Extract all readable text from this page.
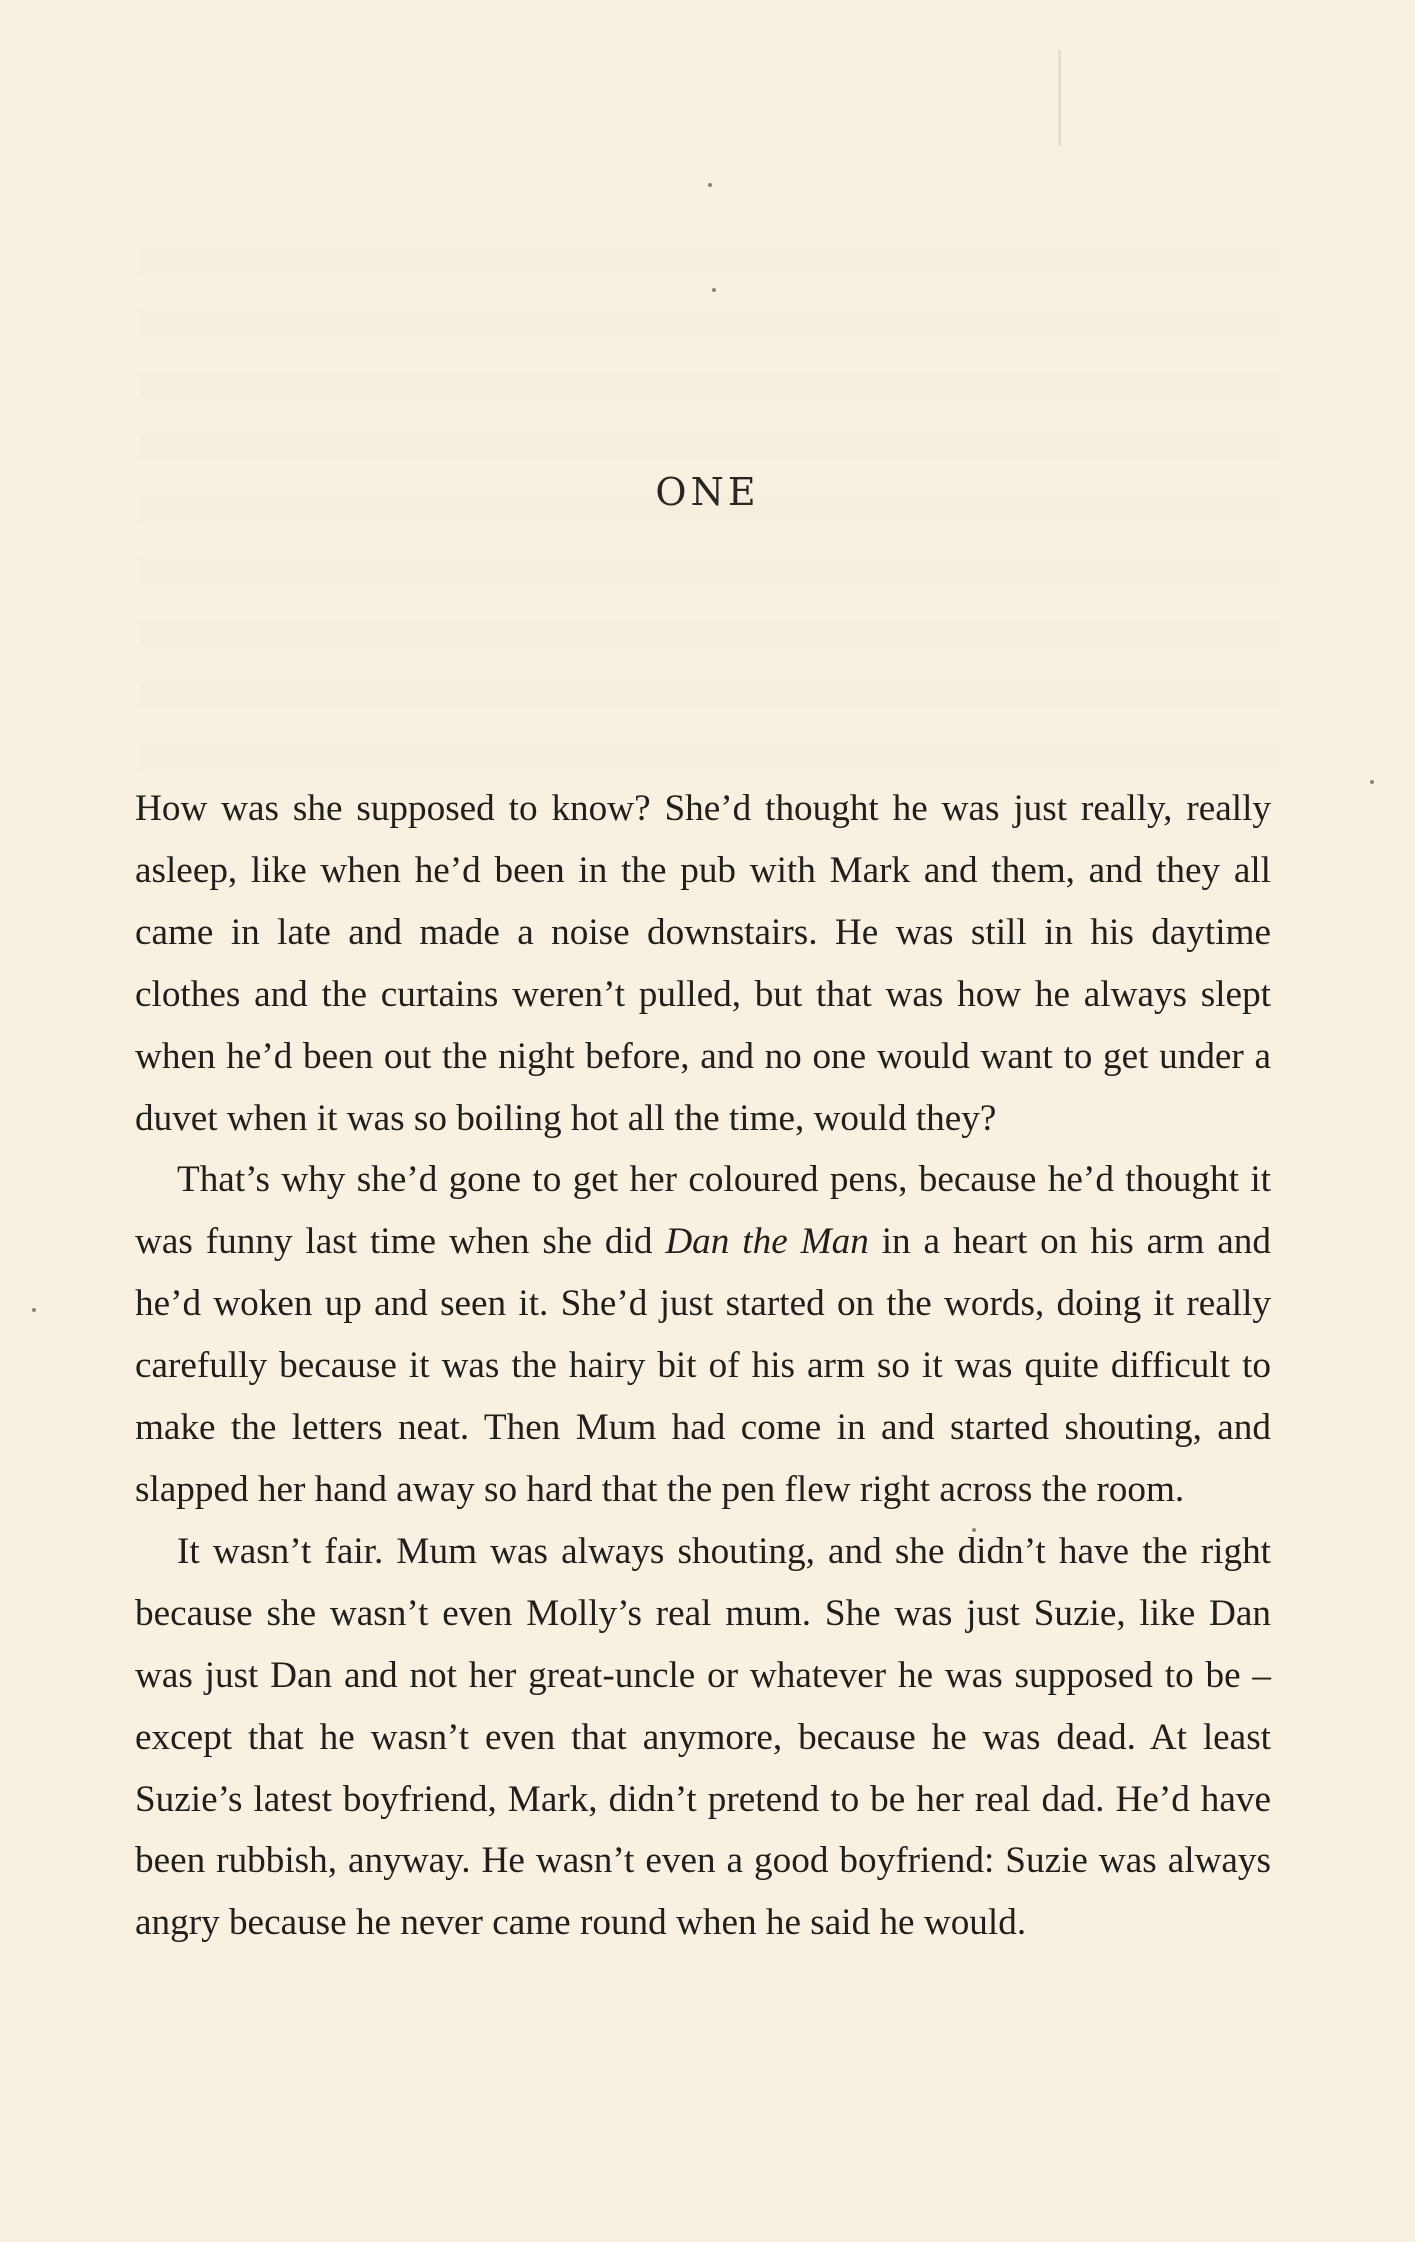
ONE

How was she supposed to know? She’d thought he was just really, really asleep, like when he’d been in the pub with Mark and them, and they all came in late and made a noise downstairs. He was still in his daytime clothes and the curtains weren’t pulled, but that was how he always slept when he’d been out the night before, and no one would want to get under a duvet when it was so boiling hot all the time, would they?

That’s why she’d gone to get her coloured pens, because he’d thought it was funny last time when she did Dan the Man in a heart on his arm and he’d woken up and seen it. She’d just started on the words, doing it really carefully because it was the hairy bit of his arm so it was quite difficult to make the letters neat. Then Mum had come in and started shouting, and slapped her hand away so hard that the pen flew right across the room.

It wasn’t fair. Mum was always shouting, and she didn’t have the right because she wasn’t even Molly’s real mum. She was just Suzie, like Dan was just Dan and not her great-uncle or whatever he was supposed to be – except that he wasn’t even that anymore, because he was dead. At least Suzie’s latest boyfriend, Mark, didn’t pretend to be her real dad. He’d have been rubbish, anyway. He wasn’t even a good boyfriend: Suzie was always angry because he never came round when he said he would.
